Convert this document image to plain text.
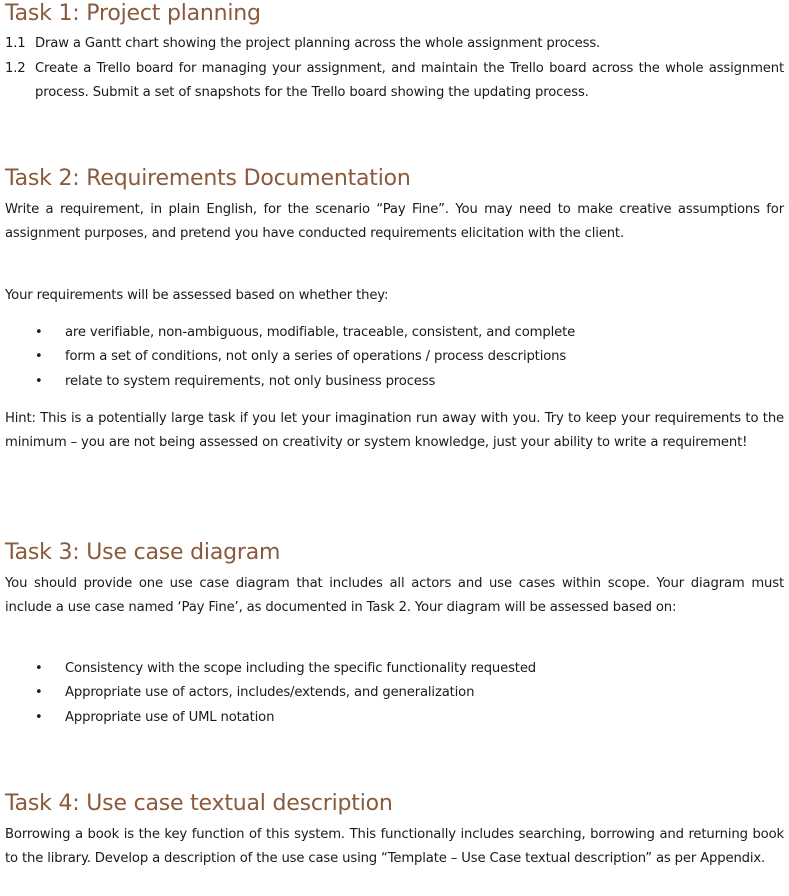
Task 1: Project planning
1.1 Draw a Gantt chart showing the project planning across the whole assignment process.
1.2 Create a Trello board for managing your assignment, and maintain the Trello board across the whole assignment process. Submit a set of snapshots for the Trello board showing the updating process.
Task 2: Requirements Documentation

Write a requirement, in plain English, for the scenario “Pay Fine”. You may need to make creative assumptions for assignment purposes, and pretend you have conducted requirements elicitation with the client.

Your requirements will be assessed based on whether they:

• are verifiable, non-ambiguous, modifiable, traceable, consistent, and complete
• form a set of conditions, not only a series of operations / process descriptions
• relate to system requirements, not only business process

Hint: This is a potentially large task if you let your imagination run away with you. Try to keep your requirements to the minimum – you are not being assessed on creativity or system knowledge, just your ability to write a requirement!

Task 3: Use case diagram

You should provide one use case diagram that includes all actors and use cases within scope. Your diagram must include a use case named ‘Pay Fine’, as documented in Task 2. Your diagram will be assessed based on:

• Consistency with the scope including the specific functionality requested
• Appropriate use of actors, includes/extends, and generalization
• Appropriate use of UML notation
Task 4: Use case textual description

Borrowing a book is the key function of this system. This functionally includes searching, borrowing and returning book to the library. Develop a description of the use case using “Template – Use Case textual description” as per Appendix.
